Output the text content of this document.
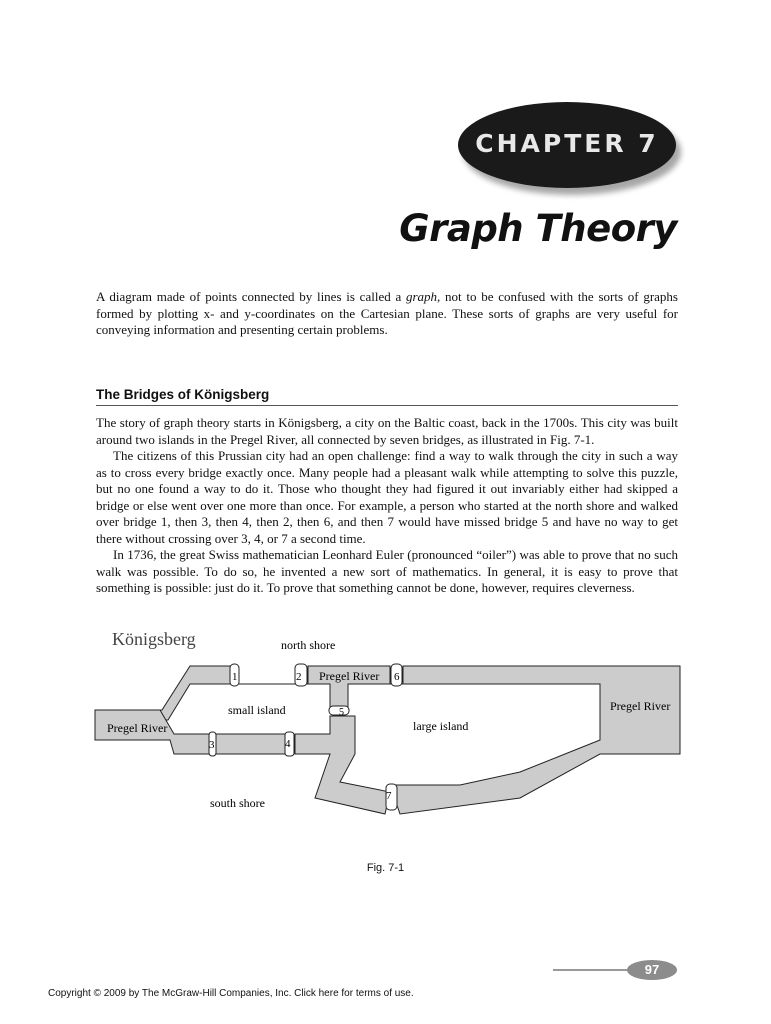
CHAPTER 7
Graph Theory
A diagram made of points connected by lines is called a graph, not to be confused with the sorts of graphs formed by plotting x- and y-coordinates on the Cartesian plane. These sorts of graphs are very useful for conveying information and presenting certain problems.
The Bridges of Königsberg

The story of graph theory starts in Königsberg, a city on the Baltic coast, back in the 1700s. This city was built around two islands in the Pregel River, all connected by seven bridges, as illustrated in Fig. 7-1.

The citizens of this Prussian city had an open challenge: find a way to walk through the city in such a way as to cross every bridge exactly once. Many people had a pleasant walk while attempting to solve this puzzle, but no one found a way to do it. Those who thought they had figured it out invariably either had skipped a bridge or else went over one more than once. For example, a person who started at the north shore and walked over bridge 1, then 3, then 4, then 2, then 6, and then 7 would have missed bridge 5 and have no way to get there without crossing over 3, 4, or 7 a second time.

In 1736, the great Swiss mathematician Leonhard Euler (pronounced “oiler”) was able to prove that no such walk was possible. To do so, he invented a new sort of mathematics. In general, it is easy to prove that something is possible: just do it. To prove that something cannot be done, however, requires cleverness.

Königsberg	north shore
small island
large island
south shore
Pregel River
Pregel River
Pregel River
1	2
3	4
5
6
7
Fig. 7-1
97
Copyright © 2009 by The McGraw-Hill Companies, Inc. Click here for terms of use.
